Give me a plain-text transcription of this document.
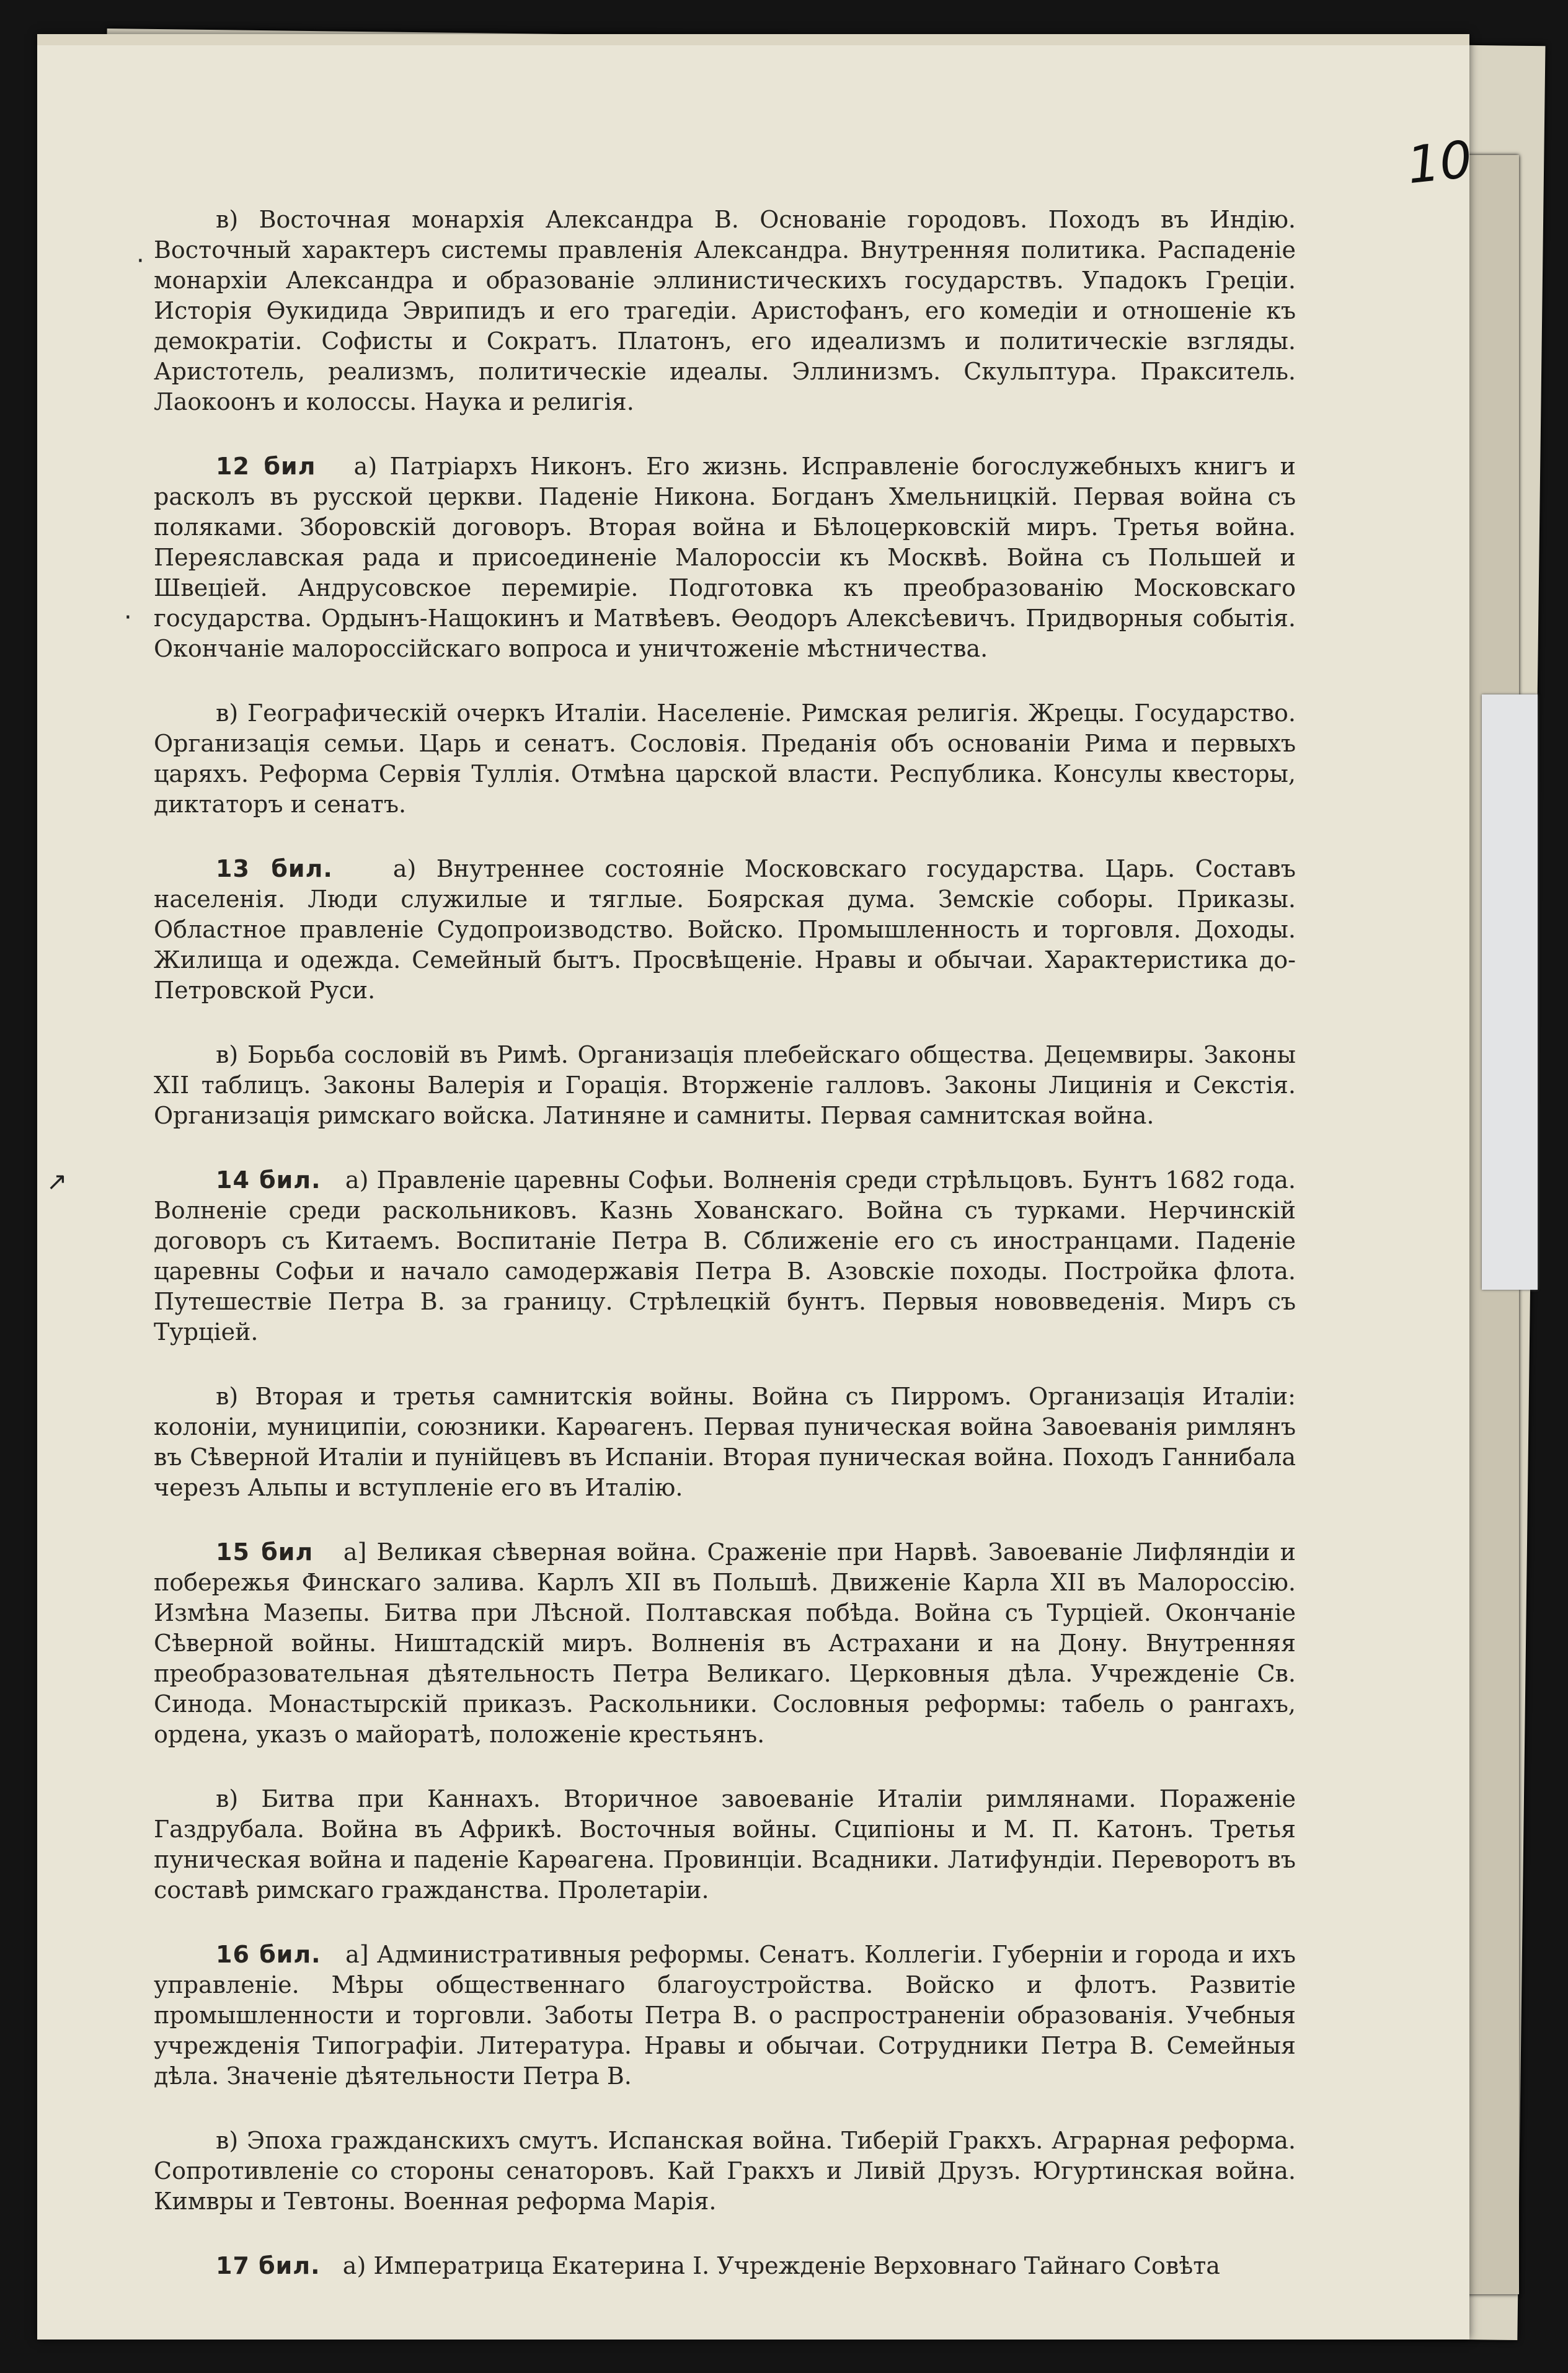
·
·
↗
10

в) Восточная монархія Александра В. Основаніе городовъ. Походъ въ Индію. Восточный характеръ системы правленія Александра. Внутренняя политика. Распаденіе монархіи Александра и образованіе эллинистическихъ государствъ. Упадокъ Греціи. Исторія Өукидида Эврипидъ и его трагедіи. Аристофанъ, его комедіи и отношеніе къ демократіи. Софисты и Сократъ. Платонъ, его идеализмъ и политическіе взгляды. Аристотель, реализмъ, политическіе идеалы. Эллинизмъ. Скульптура. Пракситель. Лаокоонъ и колоссы. Наука и религія.

12 бил а) Патріархъ Никонъ. Его жизнь. Исправленіе богослужебныхъ книгъ и расколъ въ русской церкви. Паденіе Никона. Богданъ Хмельницкій. Первая война съ поляками. Зборовскій договоръ. Вторая война и Бѣлоцерковскій миръ. Третья война. Переяславская рада и присоединеніе Малороссіи къ Москвѣ. Война съ Польшей и Швеціей. Андрусовское перемиріе. Подготовка къ преобразованію Московскаго государства. Ордынъ-Нащокинъ и Матвѣевъ. Өеодоръ Алексѣевичъ. Придворныя событія. Окончаніе малороссійскаго вопроса и уничтоженіе мѣстничества.

в) Географическій очеркъ Италіи. Населеніе. Римская религія. Жрецы. Государство. Организація семьи. Царь и сенатъ. Сословія. Преданія объ основаніи Рима и первыхъ царяхъ. Реформа Сервія Туллія. Отмѣна царской власти. Республика. Консулы квесторы, диктаторъ и сенатъ.

13 бил.	а) Внутреннее состояніе Московскаго государства. Царь. Составъ населенія. Люди служилые и тяглые. Боярская дума. Земскіе соборы. Приказы. Областное правленіе Судопроизводство. Войско. Промышленность и торговля. Доходы. Жилища и одежда. Семейный бытъ. Просвѣщеніе. Нравы и обычаи. Характеристика до-Петровской Руси.

в) Борьба сословій въ Римѣ. Организація плебейскаго общества. Децемвиры. Законы XII таблицъ. Законы Валерія и Горація. Вторженіе галловъ. Законы Лицинія и Секстія. Организація римскаго войска. Латиняне и самниты. Первая самнитская война.

14 бил. а) Правленіе царевны Софьи. Волненія среди стрѣльцовъ. Бунтъ 1682 года. Волненіе среди раскольниковъ. Казнь Хованскаго. Война съ турками. Нерчинскій договоръ съ Китаемъ. Воспитаніе Петра В. Сближеніе его съ иностранцами. Паденіе царевны Софьи и начало самодержавія Петра В. Азовскіе походы. Постройка флота. Путешествіе Петра В. за границу. Стрѣлецкій бунтъ. Первыя нововведенія. Миръ съ Турціей.

в) Вторая и третья самнитскія войны. Война съ Пирромъ. Организація Италіи: колоніи, муниципіи, союзники. Карѳагенъ. Первая пуническая война Завоеванія римлянъ въ Сѣверной Италіи и пунійцевъ въ Испаніи. Вторая пуническая война. Походъ Ганнибала черезъ Альпы и вступленіе его въ Италію.

15 бил а] Великая сѣверная война. Сраженіе при Нарвѣ. Завоеваніе Лифляндіи и побережья Финскаго залива. Карлъ XII въ Польшѣ. Движеніе Карла XII въ Малороссію. Измѣна Мазепы. Битва при Лѣсной. Полтавская побѣда. Война съ Турціей. Окончаніе Сѣверной войны. Ништадскій миръ. Волненія въ Астрахани и на Дону. Внутренняя преобразовательная дѣятельность Петра Великаго. Церковныя дѣла. Учрежденіе Св. Синода. Монастырскій приказъ. Раскольники. Сословныя реформы: табель о рангахъ, ордена, указъ о майоратѣ, положеніе крестьянъ.

в) Битва при Каннахъ. Вторичное завоеваніе Италіи римлянами. Пораженіе Газдрубала. Война въ Африкѣ. Восточныя войны. Сципіоны и М. П. Катонъ. Третья пуническая война и паденіе Карѳагена. Провинціи. Всадники. Латифундіи. Переворотъ въ составѣ римскаго гражданства. Пролетаріи.

16 бил. а] Административныя реформы. Сенатъ. Коллегіи. Губерніи и города и ихъ управленіе. Мѣры общественнаго благоустройства. Войско и флотъ. Развитіе промышленности и торговли. Заботы Петра В. о распространеніи образованія. Учебныя учрежденія Типографіи. Литература. Нравы и обычаи. Сотрудники Петра В. Семейныя дѣла. Значеніе дѣятельности Петра В.

в) Эпоха гражданскихъ смутъ. Испанская война. Тиберій Гракхъ. Аграрная реформа. Сопротивленіе со стороны сенаторовъ. Кай Гракхъ и Ливій Друзъ. Югуртинская война. Кимвры и Тевтоны. Военная реформа Марія.

17 бил. а) Императрица Екатерина I. Учрежденіе Верховнаго Тайнаго Совѣта
